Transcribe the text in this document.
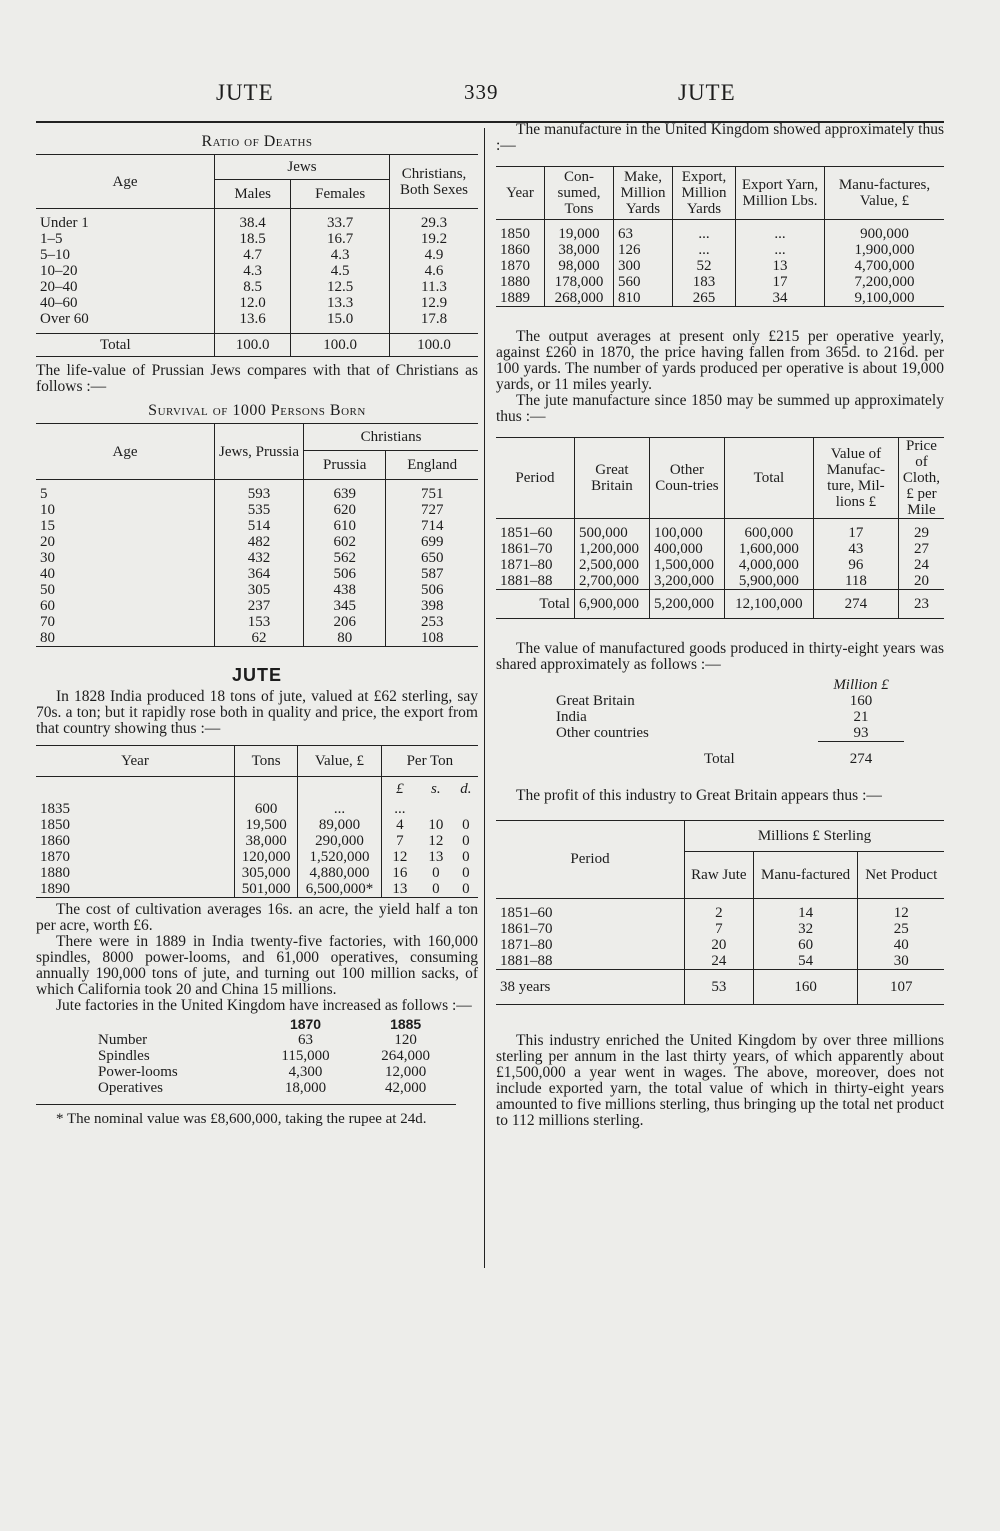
JUTE	339	JUTE
Ratio of Deaths
Age	Jews		Christians, Both Sexes
	Males	Females	

Under 1	38.4	33.7	29.3
1–5	18.5	16.7	19.2
5–10	4.7	4.3	4.9
10–20	4.3	4.5	4.6
20–40	8.5	12.5	11.3
40–60	12.0	13.3	12.9
Over 60	13.6	15.0	17.8

Total	100.0	100.0	100.0

The life-value of Prussian Jews compares with that of Christians as follows :—

Survival of 1000 Persons Born
Age	Jews, Prussia	Christians	
		Prussia	England

5	593	639	751
10	535	620	727
15	514	610	714
20	482	602	699
30	432	562	650
40	364	506	587
50	305	438	506
60	237	345	398
70	153	206	253
80	62	80	108
JUTE

In 1828 India produced 18 tons of jute, valued at £62 sterling, say 70s. a ton; but it rapidly rose both in quality and price, the export from that country showing thus :—

Year	Tons	Value, £	Per Ton		
			£	s.	d.
1835	600	...	...		
1850	19,500	89,000	4	10	0
1860	38,000	290,000	7	12	0
1870	120,000	1,520,000	12	13	0
1880	305,000	4,880,000	16	0	0
1890	501,000	6,500,000*	13	0	0

The cost of cultivation averages 16s. an acre, the yield half a ton per acre, worth £6.

There were in 1889 in India twenty-five factories, with 160,000 spindles, 8000 power-looms, and 61,000 operatives, consuming annually 190,000 tons of jute, and turning out 100 million sacks, of which California took 20 and China 15 millions.

Jute factories in the United Kingdom have increased as follows :—

	1870	1885
Number	63	120
Spindles	115,000	264,000
Power-looms	4,300	12,000
Operatives	18,000	42,000

* The nominal value was £8,600,000, taking the rupee at 24d.

The manufacture in the United Kingdom showed approximately thus :—

Year	Con-sumed, Tons	Make, Million Yards	Export, Million Yards	Export Yarn, Million Lbs.	Manu-factures, Value, £

1850	19,000	63	...	...	900,000
1860	38,000	126	...	...	1,900,000
1870	98,000	300	52	13	4,700,000
1880	178,000	560	183	17	7,200,000
1889	268,000	810	265	34	9,100,000

The output averages at present only £215 per operative yearly, against £260 in 1870, the price having fallen from 365d. to 216d. per 100 yards. The number of yards produced per operative is about 19,000 yards, or 11 miles yearly.

The jute manufacture since 1850 may be summed up approximately thus :—

Period	Great Britain	Other Coun-tries	Total	Value of Manufac-ture, Mil-lions £	Price of Cloth, £ per Mile

1851–60	500,000	100,000	600,000	17	29
1861–70	1,200,000	400,000	1,600,000	43	27
1871–80	2,500,000	1,500,000	4,000,000	96	24
1881–88	2,700,000	3,200,000	5,900,000	118	20
Total	6,900,000	5,200,000	12,100,000	274	23

The value of manufactured goods produced in thirty-eight years was shared approximately as follows :—

	Million £
Great Britain	160
India	21
Other countries	93
Total	274

The profit of this industry to Great Britain appears thus :—

Period	Millions £ Sterling		
	Raw Jute	Manu-factured	Net Product

1851–60	2	14	12
1861–70	7	32	25
1871–80	20	60	40
1881–88	24	54	30
38 years	53	160	107

This industry enriched the United Kingdom by over three millions sterling per annum in the last thirty years, of which apparently about £1,500,000 a year went in wages. The above, moreover, does not include exported yarn, the total value of which in thirty-eight years amounted to five millions sterling, thus bringing up the total net product to 112 millions sterling.
